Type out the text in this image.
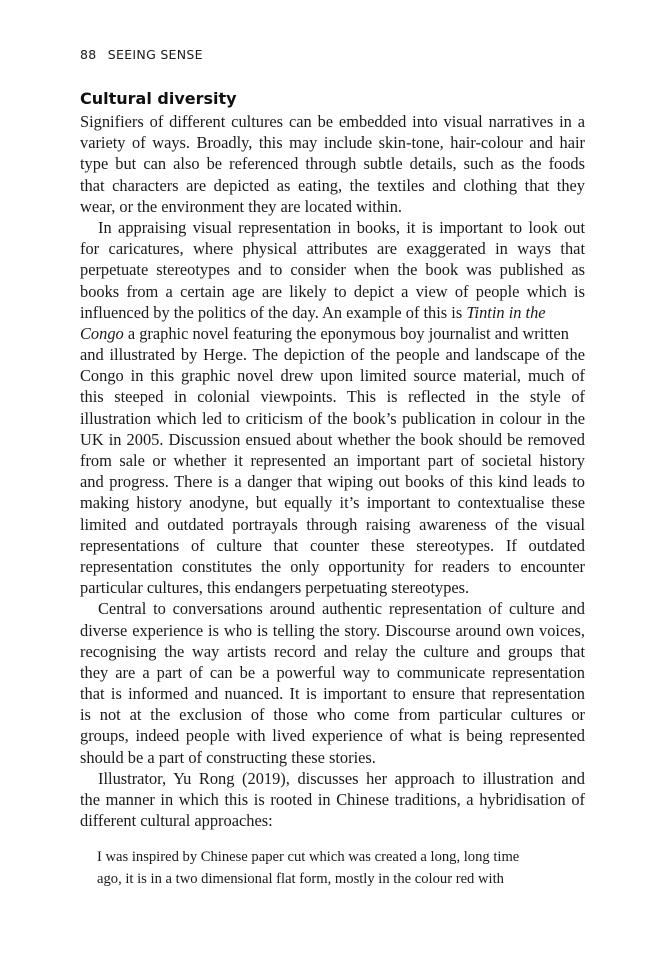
88 SEEING SENSE
Cultural diversity
Signifiers of different cultures can be embedded into visual narratives in a
variety of ways. Broadly, this may include skin-tone, hair-colour and hair
type but can also be referenced through subtle details, such as the foods
that characters are depicted as eating, the textiles and clothing that they
wear, or the environment they are located within.
In appraising visual representation in books, it is important to look out
for caricatures, where physical attributes are exaggerated in ways that
perpetuate stereotypes and to consider when the book was published as
books from a certain age are likely to depict a view of people which is
influenced by the politics of the day. An example of this is Tintin in the
Congo a graphic novel featuring the eponymous boy journalist and written
and illustrated by Herge. The depiction of the people and landscape of the
Congo in this graphic novel drew upon limited source material, much of
this steeped in colonial viewpoints. This is reflected in the style of
illustration which led to criticism of the book’s publication in colour in the
UK in 2005. Discussion ensued about whether the book should be removed
from sale or whether it represented an important part of societal history
and progress. There is a danger that wiping out books of this kind leads to
making history anodyne, but equally it’s important to contextualise these
limited and outdated portrayals through raising awareness of the visual
representations of culture that counter these stereotypes. If outdated
representation constitutes the only opportunity for readers to encounter
particular cultures, this endangers perpetuating stereotypes.
Central to conversations around authentic representation of culture and
diverse experience is who is telling the story. Discourse around own voices,
recognising the way artists record and relay the culture and groups that
they are a part of can be a powerful way to communicate representation
that is informed and nuanced. It is important to ensure that representation
is not at the exclusion of those who come from particular cultures or
groups, indeed people with lived experience of what is being represented
should be a part of constructing these stories.
Illustrator, Yu Rong (2019), discusses her approach to illustration and
the manner in which this is rooted in Chinese traditions, a hybridisation of
different cultural approaches:
I was inspired by Chinese paper cut which was created a long, long time
ago, it is in a two dimensional flat form, mostly in the colour red with
